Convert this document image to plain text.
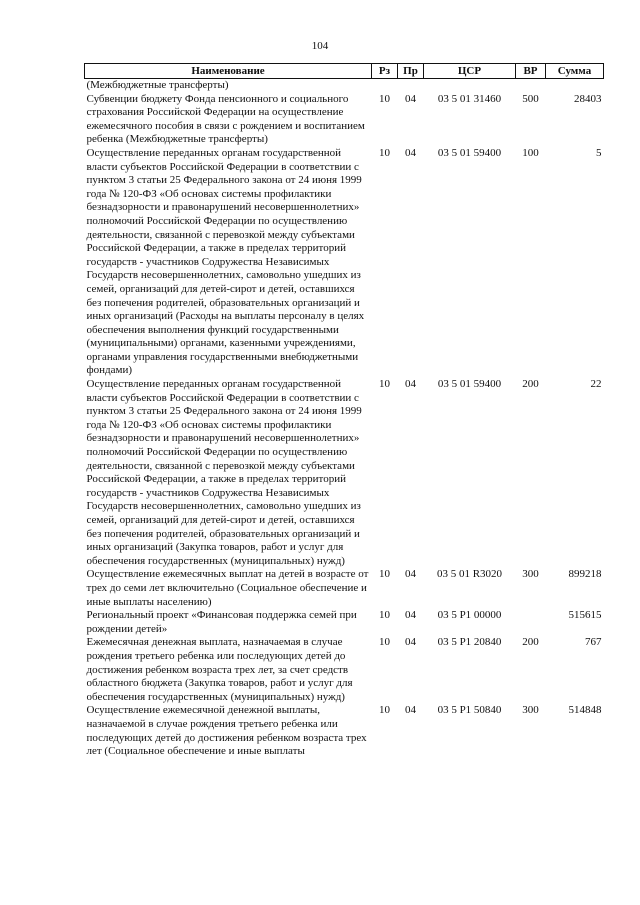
104
Наименование	Рз	Пр	ЦСР	ВР	Сумма
(Межбюджетные трансферты)					
Субвенции бюджету Фонда пенсионного и социального страхования Российской Федерации на осуществление ежемесячного пособия в связи с рождением и воспитанием ребенка (Межбюджетные трансферты)	10	04	03 5 01 31460	500	28403
Осуществление переданных органам государственной власти субъектов Российской Федерации в соответствии с пунктом 3 статьи 25 Федерального закона от 24 июня 1999 года № 120-ФЗ «Об основах системы профилактики безнадзорности и правонарушений несовершеннолетних» полномочий Российской Федерации по осуществлению деятельности, связанной с перевозкой между субъектами Российской Федерации, а также в пределах территорий государств - участников Содружества Независимых Государств несовершеннолетних, самовольно ушедших из семей, организаций для детей-сирот и детей, оставшихся без попечения родителей, образовательных организаций и иных организаций (Расходы на выплаты персоналу в целях обеспечения выполнения функций государственными (муниципальными) органами, казенными учреждениями, органами управления государственными внебюджетными фондами)	10	04	03 5 01 59400	100	5
Осуществление переданных органам государственной власти субъектов Российской Федерации в соответствии с пунктом 3 статьи 25 Федерального закона от 24 июня 1999 года № 120-ФЗ «Об основах системы профилактики безнадзорности и правонарушений несовершеннолетних» полномочий Российской Федерации по осуществлению деятельности, связанной с перевозкой между субъектами Российской Федерации, а также в пределах территорий государств - участников Содружества Независимых Государств несовершеннолетних, самовольно ушедших из семей, организаций для детей-сирот и детей, оставшихся без попечения родителей, образовательных организаций и иных организаций (Закупка товаров, работ и услуг для обеспечения государственных (муниципальных) нужд)	10	04	03 5 01 59400	200	22
Осуществление ежемесячных выплат на детей в возрасте от трех до семи лет включительно (Социальное обеспечение и иные выплаты населению)	10	04	03 5 01 R3020	300	899218
Региональный проект «Финансовая поддержка семей при рождении детей»	10	04	03 5 Р1 00000		515615
Ежемесячная денежная выплата, назначаемая в случае рождения третьего ребенка или последующих детей до достижения ребенком возраста трех лет, за счет средств областного бюджета (Закупка товаров, работ и услуг для обеспечения государственных (муниципальных) нужд)	10	04	03 5 Р1 20840	200	767
Осуществление ежемесячной денежной выплаты, назначаемой в случае рождения третьего ребенка или последующих детей до достижения ребенком возраста трех лет (Социальное обеспечение и иные выплаты	10	04	03 5 Р1 50840	300	514848
